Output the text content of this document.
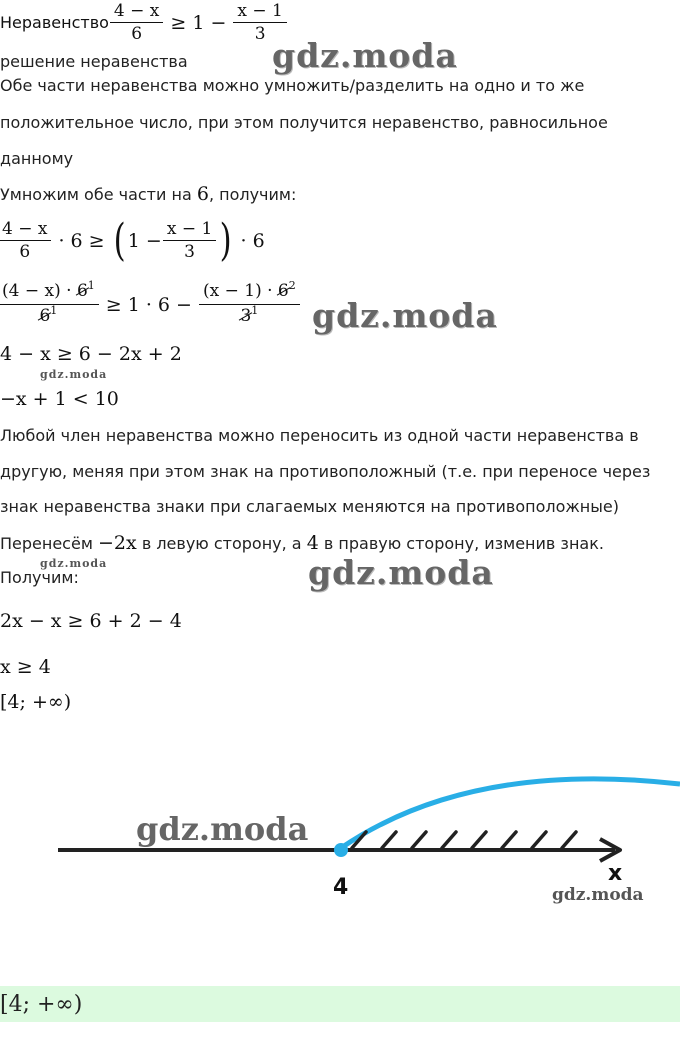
Неравенство $\frac{4 - x}{6} \ge 1 - \frac{x - 1}{3}$
решение неравенства	gdz.moda
Обе части неравенства можно умножить/разделить на одно и то же
положительное число, при этом получится неравенство, равносильное
данному
Умножим обе части на 6, получим:
$\frac{4 - x}{6} \cdot 6$ ≥ ( $1 - \frac{x - 1}{3}$ ) · 6
$\frac{(4 - x) \cdot 6^1}{6^1} \ge 1 \cdot 6 - \frac{(x - 1) \cdot 6^2}{3^1}$ gdz.moda
4 − x ≥ 6 − 2x + 2
gdz.moda
−x + 1 < 10
Любой член неравенства можно переносить из одной части неравенства в
другую, меняя при этом знак на противоположный (т.е. при переносе через
знак неравенства знаки при слагаемых меняются на противоположные)
Перенесём −2x в левую сторону, а 4 в правую сторону, изменив знак.
gdz.moda
Получим:	gdz.moda
2x − x ≥ 6 + 2 − 4
x ≥ 4
[4; +∞)
4
x
gdz.moda
gdz.moda
[4; +∞)
